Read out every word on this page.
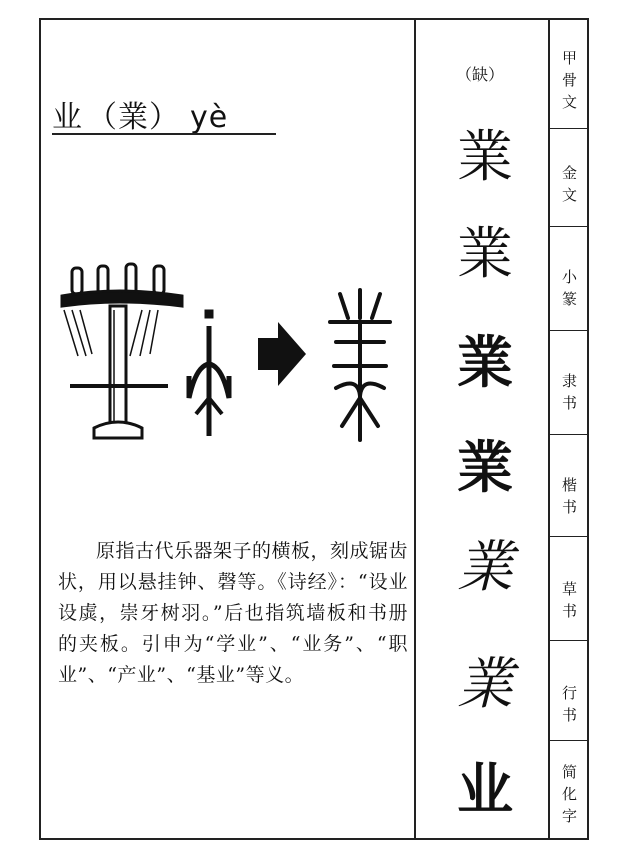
业 （業） yè
原指古代乐器架子的横板，刻成锯齿状，用以悬挂钟、磬等。《诗经》：“设业设虡，崇牙树羽。”后也指筑墙板和书册的夹板。引申为“学业”、“业务”、“职业”、“产业”、“基业”等义。
（缺）
業
業
業
業
業
業
业
甲
骨
文
金
文
小
篆
隶
书
楷
书
草
书
行
书
简
化
字
